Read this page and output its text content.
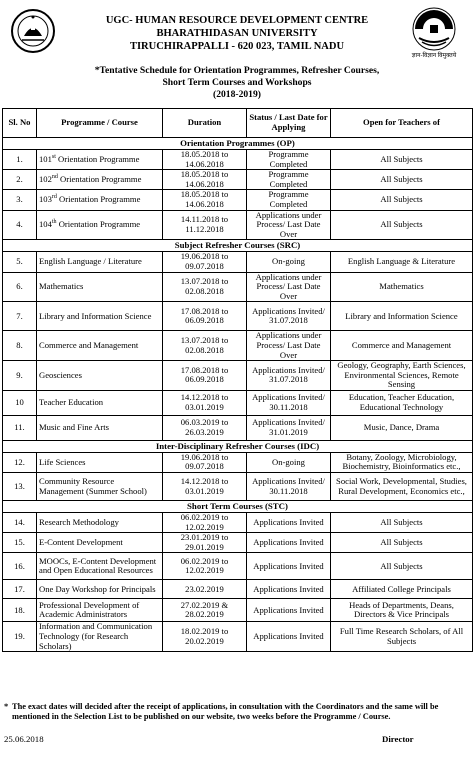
UGC- HUMAN RESOURCE DEVELOPMENT CENTRE
BHARATHIDASAN UNIVERSITY
TIRUCHIRAPPALLI - 620 023, TAMIL NADU
ज्ञान-विज्ञान विमुक्तये
*Tentative Schedule for Orientation Programmes, Refresher Courses,
Short Term Courses and Workshops
(2018-2019)
Sl. No	Programme / Course	Duration	Status / Last Date for Applying	Open for Teachers of
Orientation Programmes (OP)				
1.	101st Orientation Programme	18.05.2018 to 14.06.2018	Programme Completed	All Subjects
2.	102nd Orientation Programme	18.05.2018 to 14.06.2018	Programme Completed	All Subjects
3.	103rd Orientation Programme	18.05.2018 to 14.06.2018	Programme Completed	All Subjects
4.	104th Orientation Programme	14.11.2018 to 11.12.2018	Applications under Process/ Last Date Over	All Subjects
Subject Refresher Courses (SRC)				
5.	English Language / Literature	19.06.2018 to 09.07.2018	On-going	English Language & Literature
6.	Mathematics	13.07.2018 to 02.08.2018	Applications under Process/ Last Date Over	Mathematics
7.	Library and Information Science	17.08.2018 to 06.09.2018	Applications Invited/ 31.07.2018	Library and Information Science
8.	Commerce and Management	13.07.2018 to 02.08.2018	Applications under Process/ Last Date Over	Commerce and Management
9.	Geosciences	17.08.2018 to 06.09.2018	Applications Invited/ 31.07.2018	Geology, Geography, Earth Sciences, Environmental Sciences, Remote Sensing
10	Teacher Education	14.12.2018 to 03.01.2019	Applications Invited/ 30.11.2018	Education, Teacher Education, Educational Technology
11.	Music and Fine Arts	06.03.2019 to 26.03.2019	Applications Invited/ 31.01.2019	Music, Dance, Drama
Inter-Disciplinary Refresher Courses (IDC)				
12.	Life Sciences	19.06.2018 to 09.07.2018	On-going	Botany, Zoology, Microbiology, Biochemistry, Bioinformatics etc.,
13.	Community Resource Management (Summer School)	14.12.2018 to 03.01.2019	Applications Invited/ 30.11.2018	Social Work, Developmental, Studies, Rural Development, Economics etc.,
Short Term Courses (STC)				
14.	Research Methodology	06.02.2019 to 12.02.2019	Applications Invited	All Subjects
15.	E-Content Development	23.01.2019 to 29.01.2019	Applications Invited	All Subjects
16.	MOOCs, E-Content Development and Open Educational Resources	06.02.2019 to 12.02.2019	Applications Invited	All Subjects
17.	One Day Workshop for Principals	23.02.2019	Applications Invited	Affiliated College Principals
18.	Professional Development of Academic Administrators	27.02.2019 & 28.02.2019	Applications Invited	Heads of Departments, Deans, Directors & Vice Principals
19.	Information and Communication Technology (for Research Scholars)	18.02.2019 to 20.02.2019	Applications Invited	Full Time Research Scholars, of All Subjects
* The exact dates will decided after the receipt of applications, in consultation with the Coordinators and the same will be mentioned in the Selection List to be published on our website, two weeks before the Programme / Course.
25.06.2018	Director
